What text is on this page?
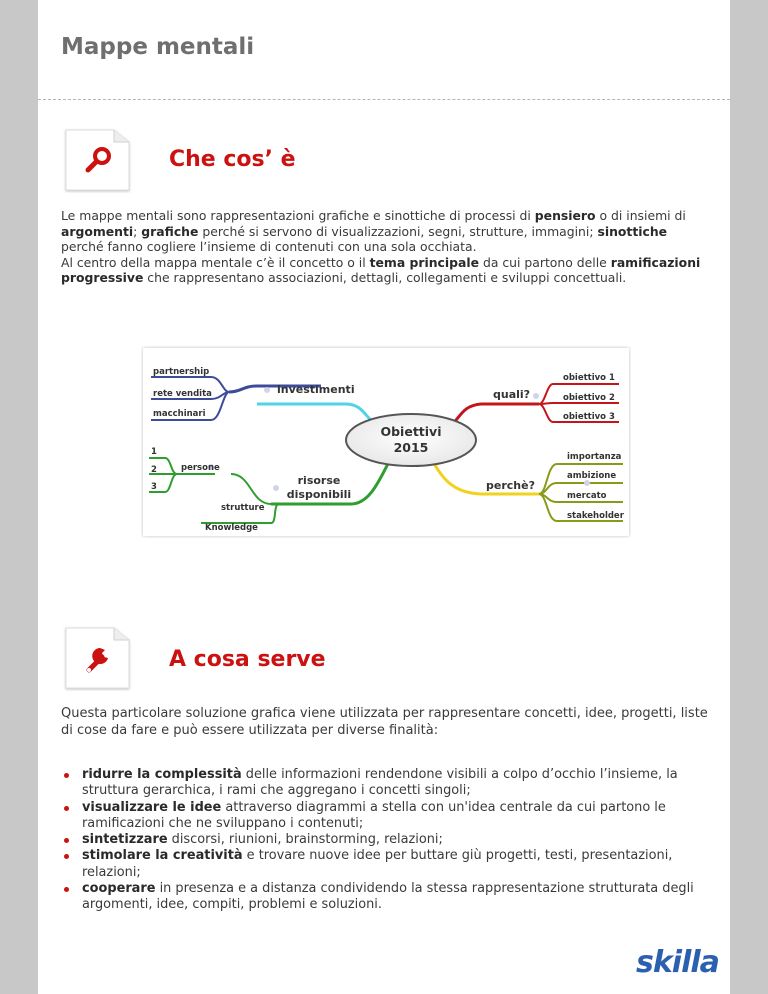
Mappe mentali
Che cos’ è

Le mappe mentali sono rappresentazioni grafiche e sinottiche di processi di pensiero o di insiemi di argomenti; grafiche perché si servono di visualizzazioni, segni, strutture, immagini; sinottiche perché fanno cogliere l’insieme di contenuti con una sola occhiata.
Al centro della mappa mentale c’è il concetto o il tema principale da cui partono delle ramificazioni progressive che rappresentano associazioni, dettagli, collegamenti e sviluppi concettuali.

Obiettivi
2015
partnership
rete vendita
macchinari
investimenti	quali?
obiettivo 1
obiettivo 2
obiettivo 3
1
2
3
persone
strutture
Knowledge
risorse
disponibili
perchè?
importanza
ambizione
mercato
stakeholder
A cosa serve

Questa particolare soluzione grafica viene utilizzata per rappresentare concetti, idee, progetti, liste di cose da fare e può essere utilizzata per diverse finalità:

ridurre la complessità delle informazioni rendendone visibili a colpo d’occhio l’insieme, la struttura gerarchica, i rami che aggregano i concetti singoli;
visualizzare le idee attraverso diagrammi a stella con un'idea centrale da cui partono le ramificazioni che ne sviluppano i contenuti;
sintetizzare discorsi, riunioni, brainstorming, relazioni;
stimolare la creatività e trovare nuove idee per buttare giù progetti, testi, presentazioni, relazioni;
cooperare in presenza e a distanza condividendo la stessa rappresentazione strutturata degli argomenti, idee, compiti, problemi e soluzioni.
skilla
